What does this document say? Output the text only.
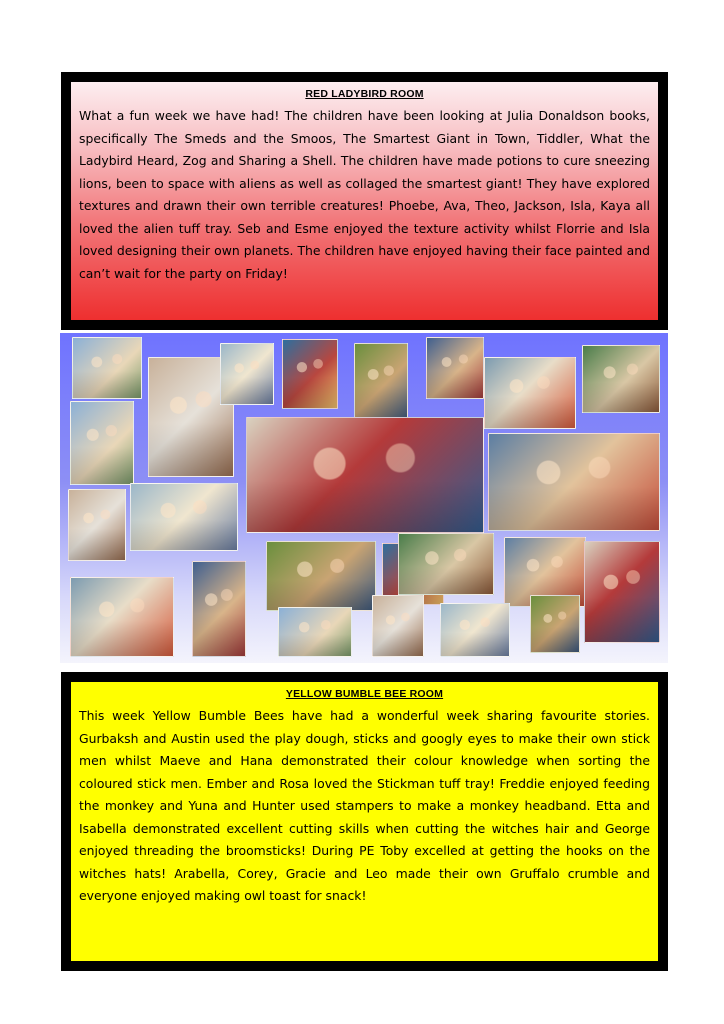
RED LADYBIRD ROOM

What a fun week we have had! The children have been looking at Julia Donaldson books, specifically The Smeds and the Smoos, The Smartest Giant in Town, Tiddler, What the Ladybird Heard, Zog and Sharing a Shell. The children have made potions to cure sneezing lions, been to space with aliens as well as collaged the smartest giant! They have explored textures and drawn their own terrible creatures! Phoebe, Ava, Theo, Jackson, Isla, Kaya all loved the alien tuff tray. Seb and Esme enjoyed the texture activity whilst Florrie and Isla loved designing their own planets. The children have enjoyed having their face painted and can’t wait for the party on Friday!

YELLOW BUMBLE BEE ROOM

This week Yellow Bumble Bees have had a wonderful week sharing favourite stories. Gurbaksh and Austin used the play dough, sticks and googly eyes to make their own stick men whilst Maeve and Hana demonstrated their colour knowledge when sorting the coloured stick men. Ember and Rosa loved the Stickman tuff tray! Freddie enjoyed feeding the monkey and Yuna and Hunter used stampers to make a monkey headband. Etta and Isabella demonstrated excellent cutting skills when cutting the witches hair and George enjoyed threading the broomsticks! During PE Toby excelled at getting the hooks on the witches hats! Arabella, Corey, Gracie and Leo made their own Gruffalo crumble and everyone enjoyed making owl toast for snack!
